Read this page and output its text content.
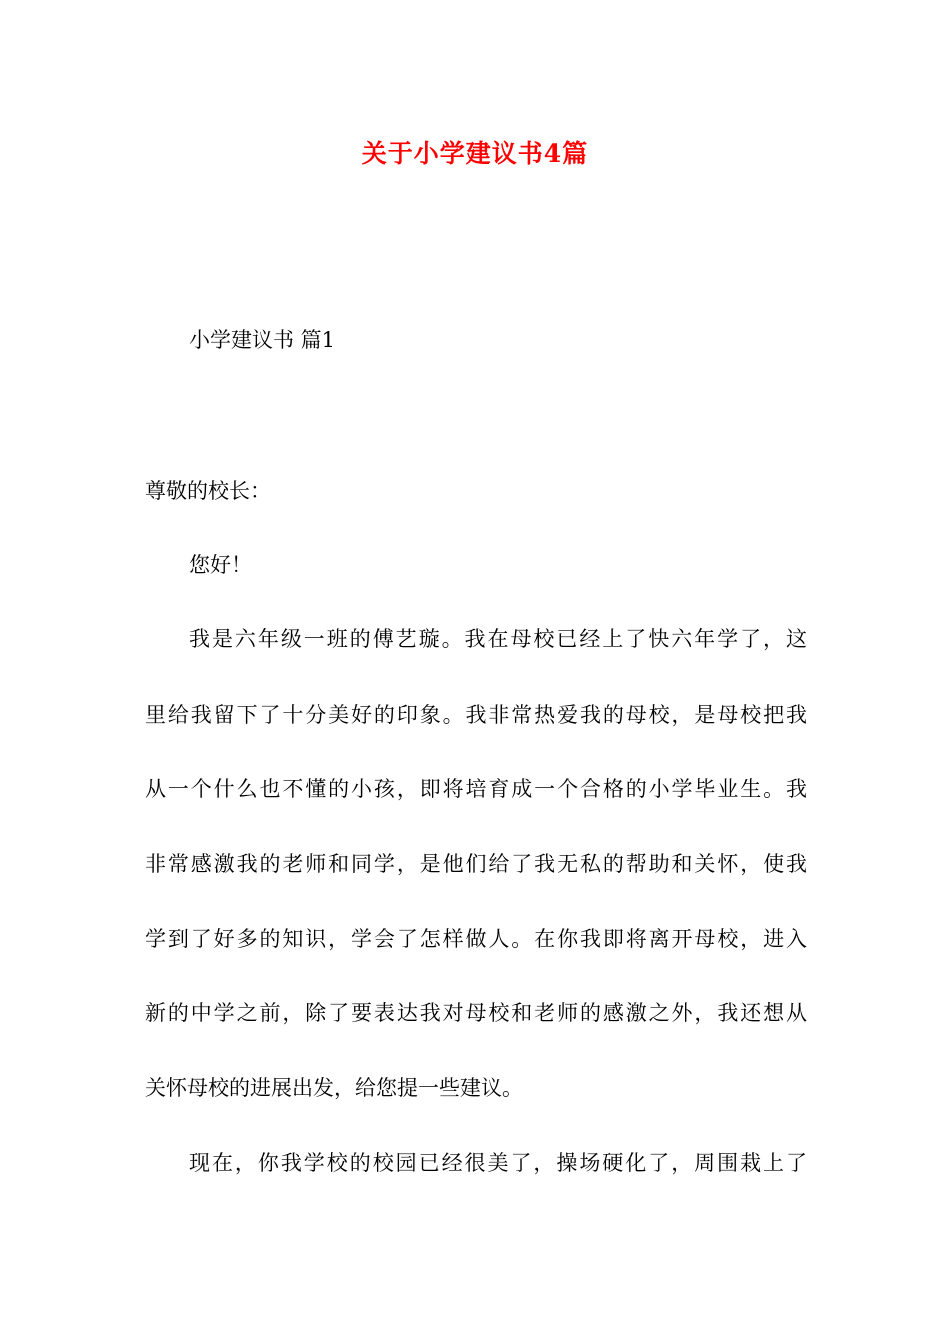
关于小学建议书4篇
小学建议书 篇1
尊敬的校长：
您好！
我是六年级一班的傅艺璇。我在母校已经上了快六年学了，这
里给我留下了十分美好的印象。我非常热爱我的母校，是母校把我
从一个什么也不懂的小孩，即将培育成一个合格的小学毕业生。我
非常感激我的老师和同学，是他们给了我无私的帮助和关怀，使我
学到了好多的知识，学会了怎样做人。在你我即将离开母校，进入
新的中学之前，除了要表达我对母校和老师的感激之外，我还想从
关怀母校的进展出发，给您提一些建议。
现在，你我学校的校园已经很美了，操场硬化了，周围栽上了
